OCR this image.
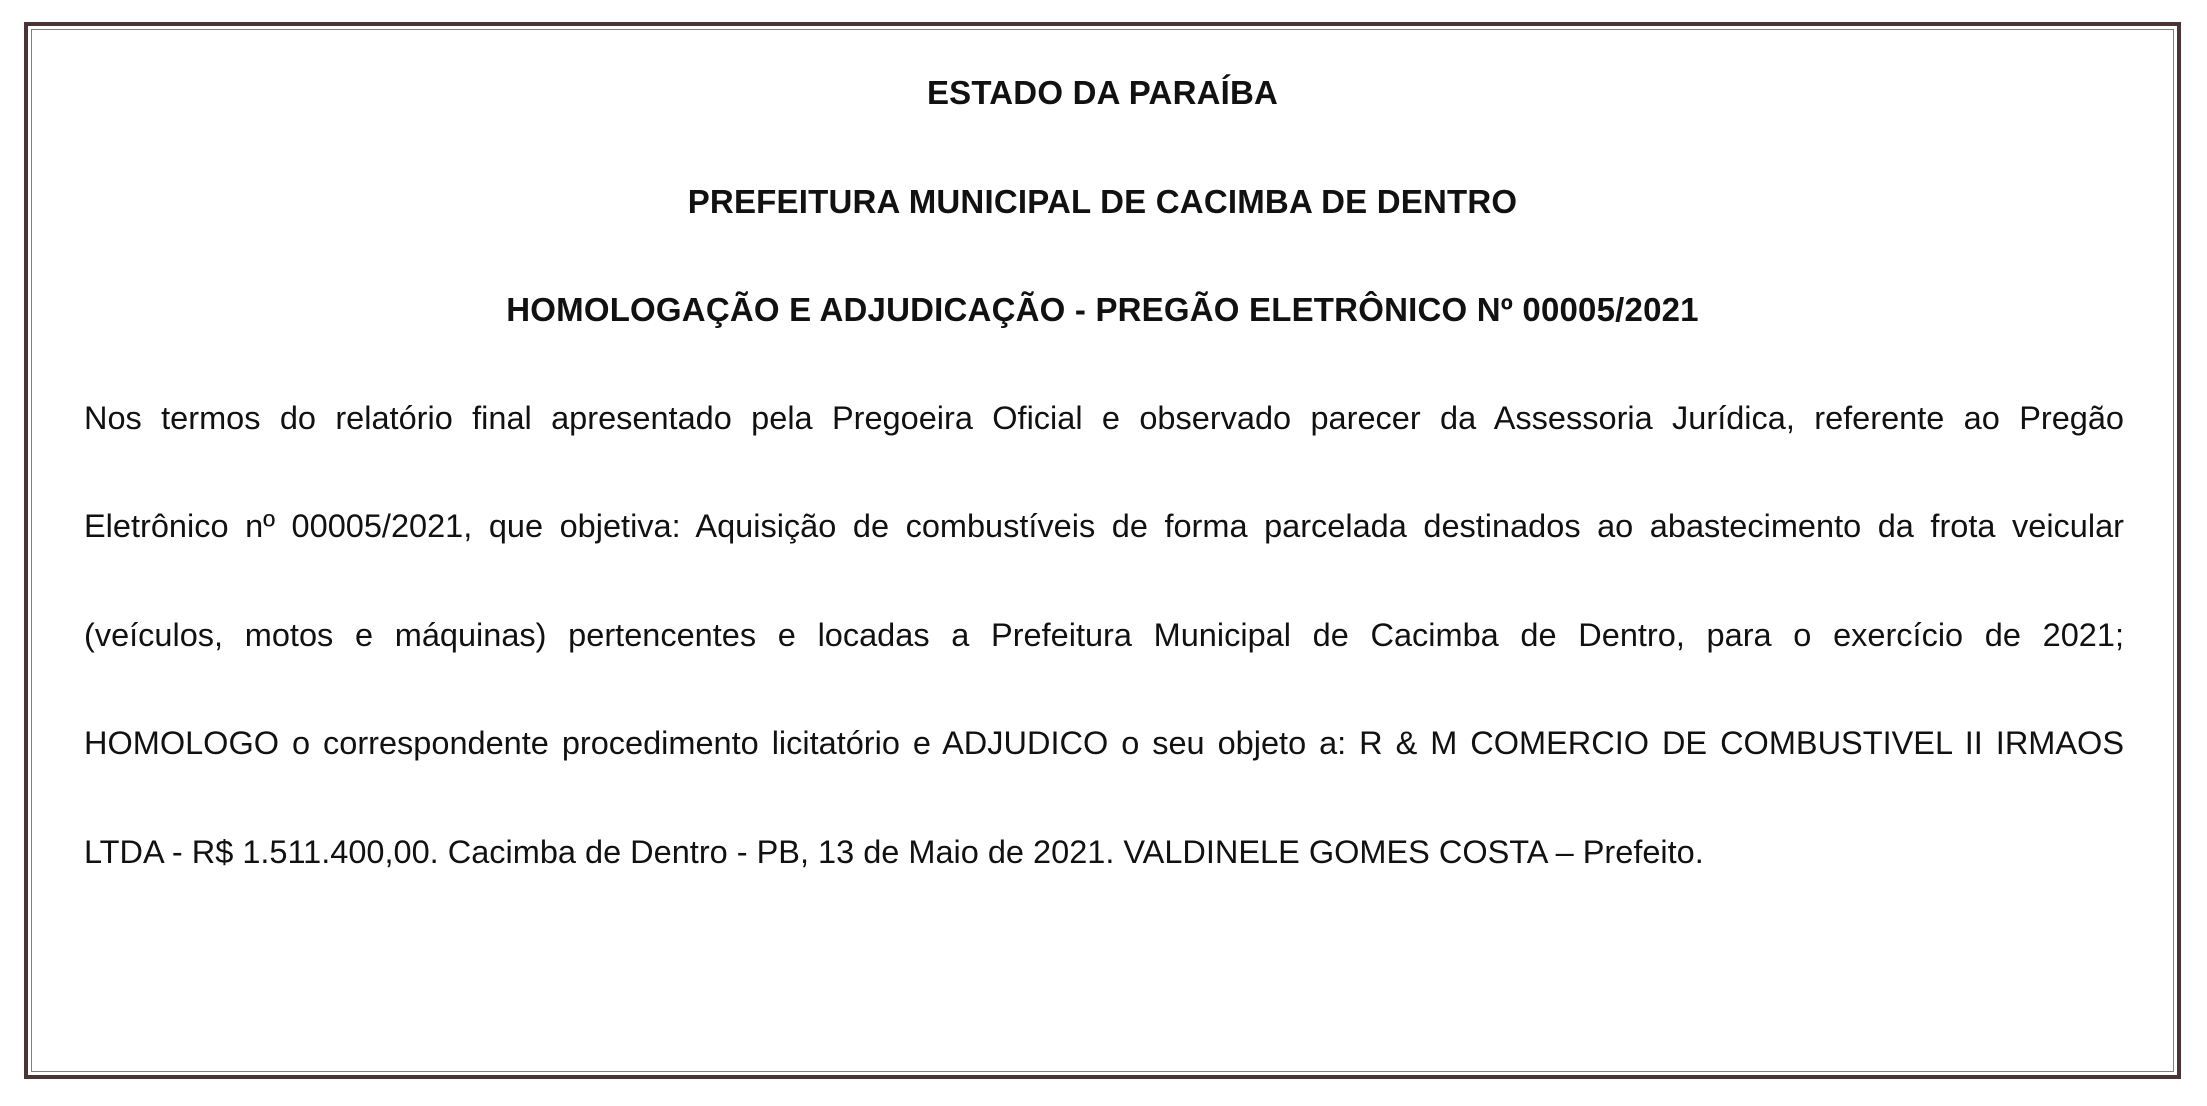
ESTADO DA PARAÍBA
PREFEITURA MUNICIPAL DE CACIMBA DE DENTRO
HOMOLOGAÇÃO E ADJUDICAÇÃO - PREGÃO ELETRÔNICO Nº 00005/2021
Nos termos do relatório final apresentado pela Pregoeira Oficial e observado parecer da Assessoria Jurídica, referente ao Pregão
Eletrônico nº 00005/2021, que objetiva: Aquisição de combustíveis de forma parcelada destinados ao abastecimento da frota veicular
(veículos, motos e máquinas) pertencentes e locadas a Prefeitura Municipal de Cacimba de Dentro, para o exercício de 2021;
HOMOLOGO o correspondente procedimento licitatório e ADJUDICO o seu objeto a: R & M COMERCIO DE COMBUSTIVEL II IRMAOS
LTDA - R$ 1.511.400,00. Cacimba de Dentro - PB, 13 de Maio de 2021. VALDINELE GOMES COSTA – Prefeito.
